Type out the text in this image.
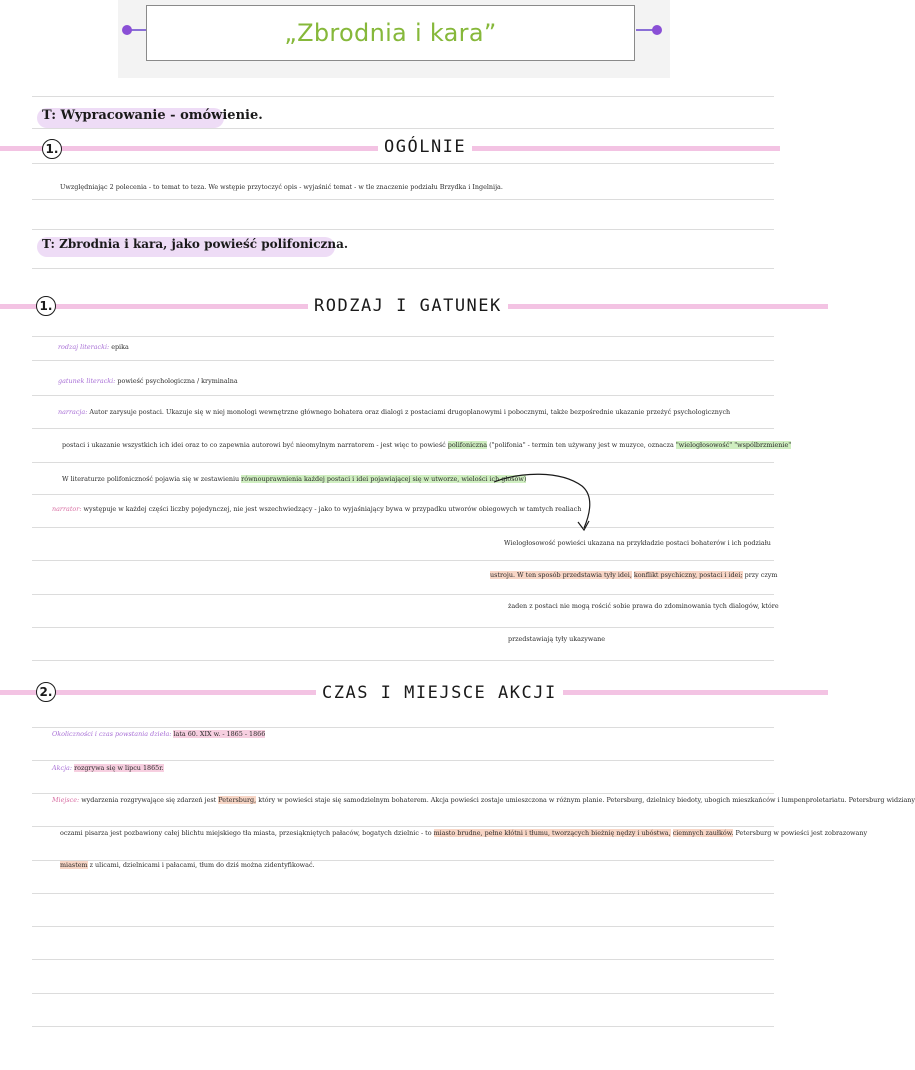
„Zbrodnia i kara”
T: Wypracowanie - omówienie.
1.	OGÓLNIE
Uwzględniając 2 polecenia - to temat to teza. We wstępie przytoczyć opis - wyjaśnić temat - w tle znaczenie podziału Brzydka i Ingelnija.
T: Zbrodnia i kara, jako powieść polifoniczna.
1.	RODZAJ I GATUNEK
rodzaj literacki: epika
gatunek literacki: powieść psychologiczna / kryminalna
narracja: Autor zarysuje postaci. Ukazuje się w niej monologi wewnętrzne głównego bohatera oraz dialogi z postaciami drugoplanowymi i pobocznymi, także bezpośrednie ukazanie przeżyć psychologicznych
postaci i ukazanie wszystkich ich idei oraz to co zapewnia autorowi być nieomylnym narratorem - jest więc to powieść polifoniczna ("polifonia" - termin ten używany jest w muzyce, oznacza "wielogłosowość" "wspólbrzmienie"
W literaturze polifoniczność pojawia się w zestawieniu równouprawnienia każdej postaci i idei pojawiającej się w utworze, wielości ich głosów)
narrator: występuje w każdej części liczby pojedynczej, nie jest wszechwiedzący - jako to wyjaśniający bywa w przypadku utworów obiegowych w tamtych realiach
Wielogłosowość powieści ukazana na przykładzie postaci bohaterów i ich podziału
ustroju. W ten sposób przedstawia tyły idei, konflikt psychiczny, postaci i idei; przy czym
żaden z postaci nie mogą rościć sobie prawa do zdominowania tych dialogów, które
przedstawiają tyły ukazywane
2.	CZAS I MIEJSCE AKCJI
Okoliczności i czas powstania dzieła: lata 60. XIX w. - 1865 - 1866
Akcja: rozgrywa się w lipcu 1865r.
Miejsce: wydarzenia rozgrywające się zdarzeń jest Petersburg, który w powieści staje się samodzielnym bohaterem. Akcja powieści zostaje umieszczona w różnym planie. Petersburg, dzielnicy biedoty, ubogich mieszkańców i lumpenproletariatu. Petersburg widziany
oczami pisarza jest pozbawiony całej blichtu miejskiego tła miasta, przesiąkniętych pałaców, bogatych dzielnic - to miasto brudne, pełne kłótni i tłumu, tworzących bieżnię nędzy i ubóstwa, ciemnych zaułków. Petersburg w powieści jest zobrazowany
miastem z ulicami, dzielnicami i pałacami, tłum do dziś można zidentyfikować.
